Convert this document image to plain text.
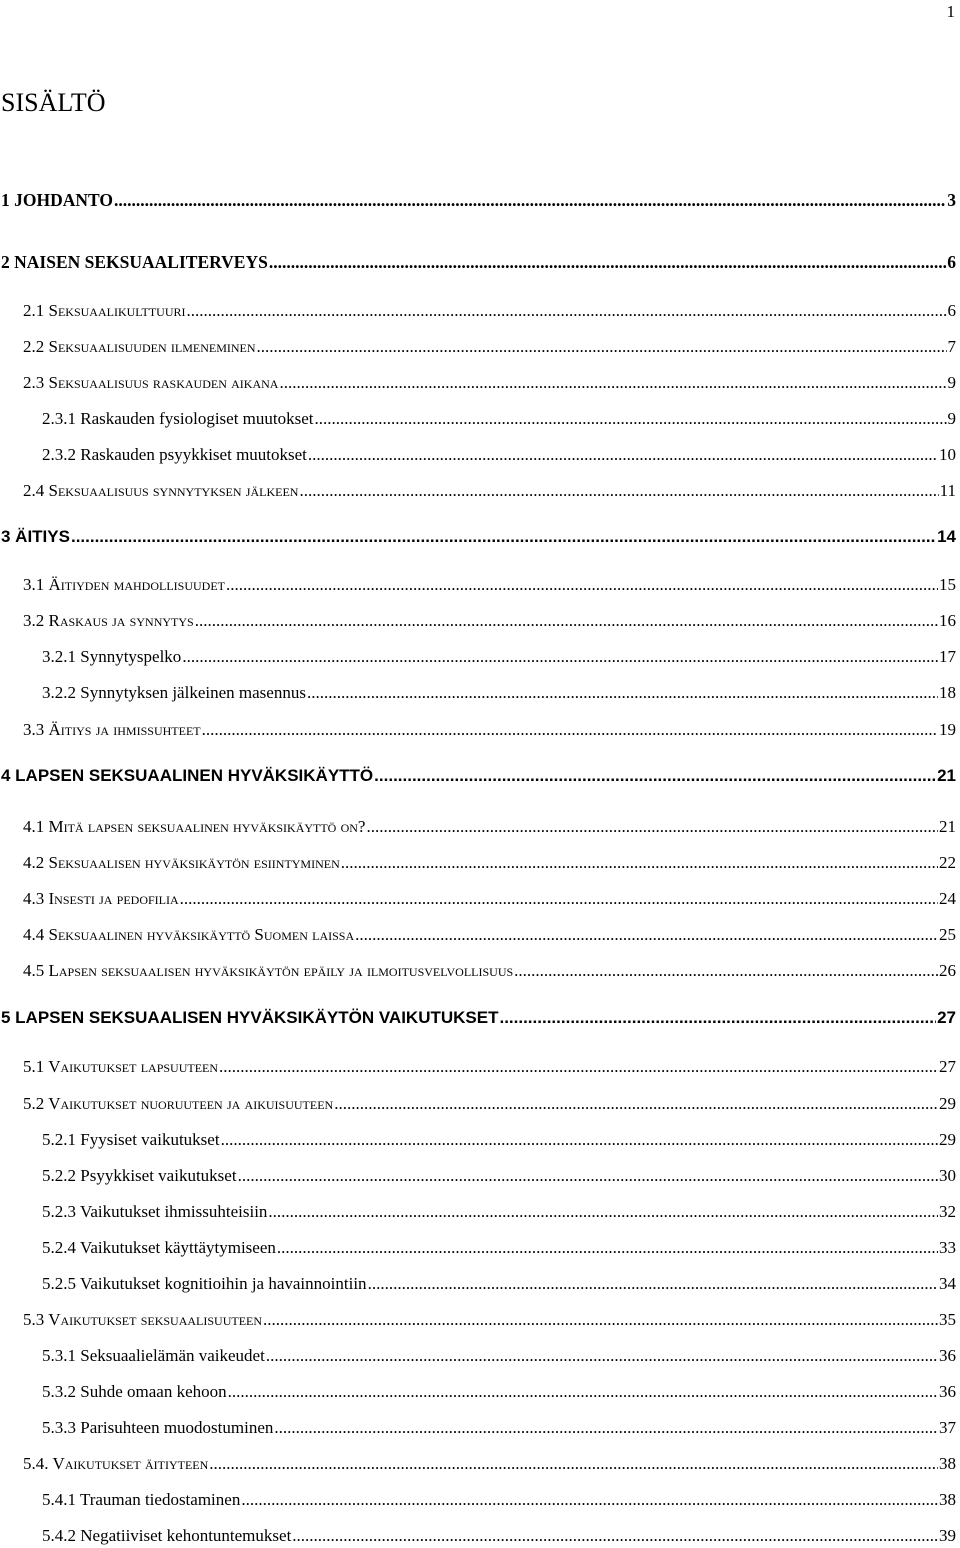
1
SISÄLTÖ
1 JOHDANTO .....	3
2 NAISEN SEKSUAALITERVEYS .....	6
2.1 Seksuaalikulttuuri .....	6
2.2 Seksuaalisuuden ilmeneminen .....	7
2.3 Seksuaalisuus raskauden aikana .....	9
2.3.1 Raskauden fysiologiset muutokset .....	9
2.3.2 Raskauden psyykkiset muutokset .....	10
2.4 Seksuaalisuus synnytyksen jälkeen .....	11
3 ÄITIYS .....	14
3.1 Äitiyden mahdollisuudet .....	15
3.2 Raskaus ja synnytys .....	16
3.2.1 Synnytyspelko .....	17
3.2.2 Synnytyksen jälkeinen masennus .....	18
3.3 Äitiys ja ihmissuhteet .....	19
4 LAPSEN SEKSUAALINEN HYVÄKSIKÄYTTÖ .....	21
4.1 Mitä lapsen seksuaalinen hyväksikäyttö on? .....	21
4.2 Seksuaalisen hyväksikäytön esiintyminen .....	22
4.3 Insesti ja pedofilia .....	24
4.4 Seksuaalinen hyväksikäyttö Suomen laissa .....	25
4.5 Lapsen seksuaalisen hyväksikäytön epäily ja ilmoitusvelvollisuus .....	26
5 LAPSEN SEKSUAALISEN HYVÄKSIKÄYTÖN VAIKUTUKSET .....	27
5.1 Vaikutukset lapsuuteen .....	27
5.2 Vaikutukset nuoruuteen ja aikuisuuteen .....	29
5.2.1 Fyysiset vaikutukset .....	29
5.2.2 Psyykkiset vaikutukset .....	30
5.2.3 Vaikutukset ihmissuhteisiin .....	32
5.2.4 Vaikutukset käyttäytymiseen .....	33
5.2.5 Vaikutukset kognitioihin ja havainnointiin .....	34
5.3 Vaikutukset seksuaalisuuteen .....	35
5.3.1 Seksuaalielämän vaikeudet .....	36
5.3.2 Suhde omaan kehoon .....	36
5.3.3 Parisuhteen muodostuminen .....	37
5.4. Vaikutukset äitiyteen .....	38
5.4.1 Trauman tiedostaminen .....	38
5.4.2 Negatiiviset kehontuntemukset .....	39
